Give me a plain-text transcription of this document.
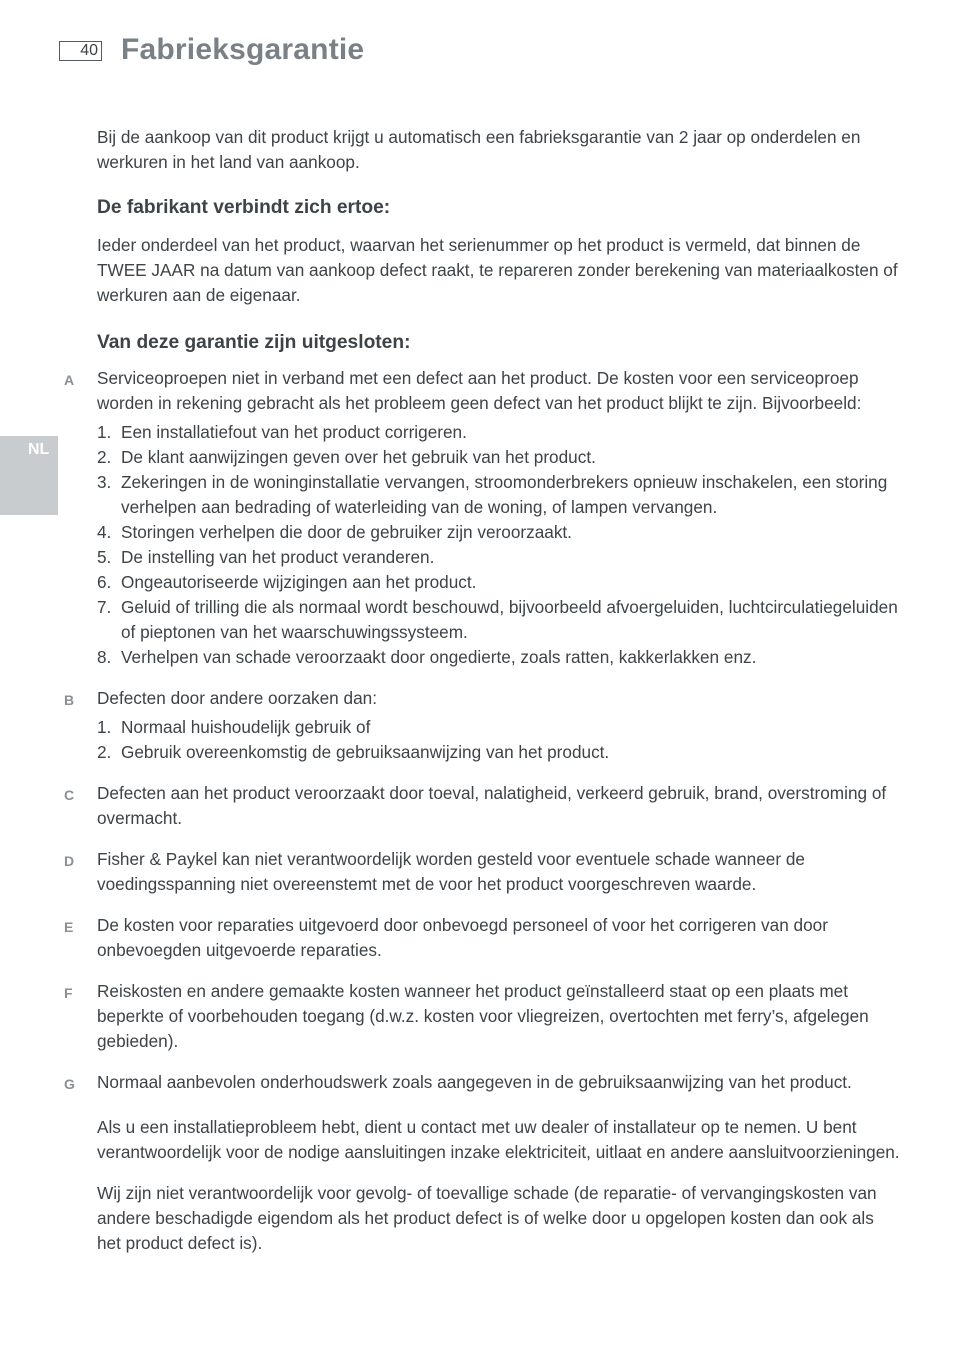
40 Fabrieksgarantie
NL

Bij de aankoop van dit product krijgt u automatisch een fabrieksgarantie van 2 jaar op onderdelen en werkuren in het land van aankoop.

De fabrikant verbindt zich ertoe:

Ieder onderdeel van het product, waarvan het serienummer op het product is vermeld, dat binnen de TWEE JAAR na datum van aankoop defect raakt, te repareren zonder berekening van materiaalkosten of werkuren aan de eigenaar.

Van deze garantie zijn uitgesloten:
A Serviceoproepen niet in verband met een defect aan het product. De kosten voor een serviceoproep worden in rekening gebracht als het probleem geen defect van het product blijkt te zijn. Bijvoorbeeld:

1. Een installatiefout van het product corrigeren.
2. De klant aanwijzingen geven over het gebruik van het product.
3. Zekeringen in de woninginstallatie vervangen, stroomonderbrekers opnieuw inschakelen, een storing verhelpen aan bedrading of waterleiding van de woning, of lampen vervangen.
4. Storingen verhelpen die door de gebruiker zijn veroorzaakt.
5. De instelling van het product veranderen.
6. Ongeautoriseerde wijzigingen aan het product.
7. Geluid of trilling die als normaal wordt beschouwd, bijvoorbeeld afvoergeluiden, luchtcirculatiegeluiden of pieptonen van het waarschuwingssysteem.
8. Verhelpen van schade veroorzaakt door ongedierte, zoals ratten, kakkerlakken enz.
B Defecten door andere oorzaken dan:

1. Normaal huishoudelijk gebruik of
2. Gebruik overeenkomstig de gebruiksaanwijzing van het product.
C Defecten aan het product veroorzaakt door toeval, nalatigheid, verkeerd gebruik, brand, overstroming of overmacht.

D Fisher & Paykel kan niet verantwoordelijk worden gesteld voor eventuele schade wanneer de voedingsspanning niet overeenstemt met de voor het product voorgeschreven waarde.

E De kosten voor reparaties uitgevoerd door onbevoegd personeel of voor het corrigeren van door onbevoegden uitgevoerde reparaties.

F Reiskosten en andere gemaakte kosten wanneer het product geïnstalleerd staat op een plaats met beperkte of voorbehouden toegang (d.w.z. kosten voor vliegreizen, overtochten met ferry’s, afgelegen gebieden).

G Normaal aanbevolen onderhoudswerk zoals aangegeven in de gebruiksaanwijzing van het product.

Als u een installatieprobleem hebt, dient u contact met uw dealer of installateur op te nemen. U bent verantwoordelijk voor de nodige aansluitingen inzake elektriciteit, uitlaat en andere aansluitvoorzieningen.

Wij zijn niet verantwoordelijk voor gevolg- of toevallige schade (de reparatie- of vervangingskosten van andere beschadigde eigendom als het product defect is of welke door u opgelopen kosten dan ook als het product defect is).
